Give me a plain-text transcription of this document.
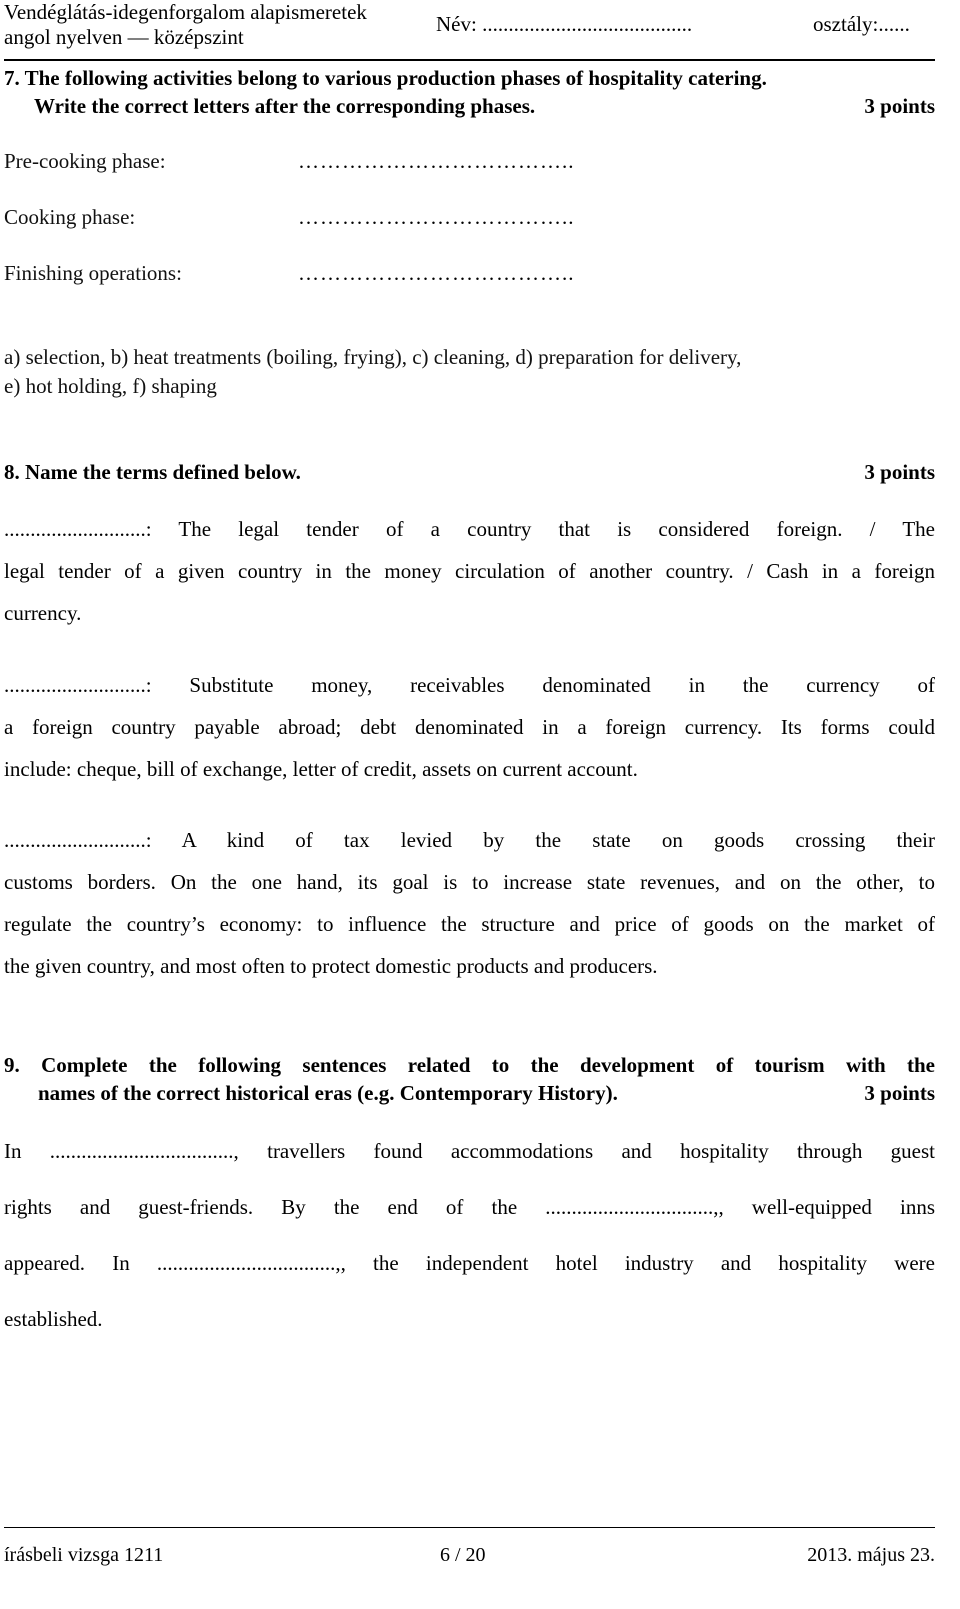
Vendéglátás-idegenforgalom alapismeretek
angol nyelven — középszint
Név: ........................................	osztály:......
7. The following activities belong to various production phases of hospitality catering.
Write the correct letters after the corresponding phases.	3 points
Pre-cooking phase:	………………………………..
Cooking phase:	………………………………..
Finishing operations:	………………………………..
a) selection, b) heat treatments (boiling, frying), c) cleaning, d) preparation for delivery,
e) hot holding, f) shaping
8. Name the terms defined below.	3 points
...........................: The legal tender of a country that is considered foreign. / The
legal tender of a given country in the money circulation of another country. / Cash in a foreign
currency.
...........................: Substitute money, receivables denominated in the currency of
a foreign country payable abroad; debt denominated in a foreign currency. Its forms could
include: cheque, bill of exchange, letter of credit, assets on current account.
...........................: A kind of tax levied by the state on goods crossing their
customs borders. On the one hand, its goal is to increase state revenues, and on the other, to
regulate the country’s economy: to influence the structure and price of goods on the market of
the given country, and most often to protect domestic products and producers.
9. Complete the following sentences related to the development of tourism with the
names of the correct historical eras (e.g. Contemporary History).	3 points
In ..................................., travellers found accommodations and hospitality through guest
rights and guest-friends. By the end of the ................................,, well-equipped inns
appeared. In ..................................,, the independent hotel industry and hospitality were
established.
írásbeli vizsga 1211	6 / 20	2013. május 23.
